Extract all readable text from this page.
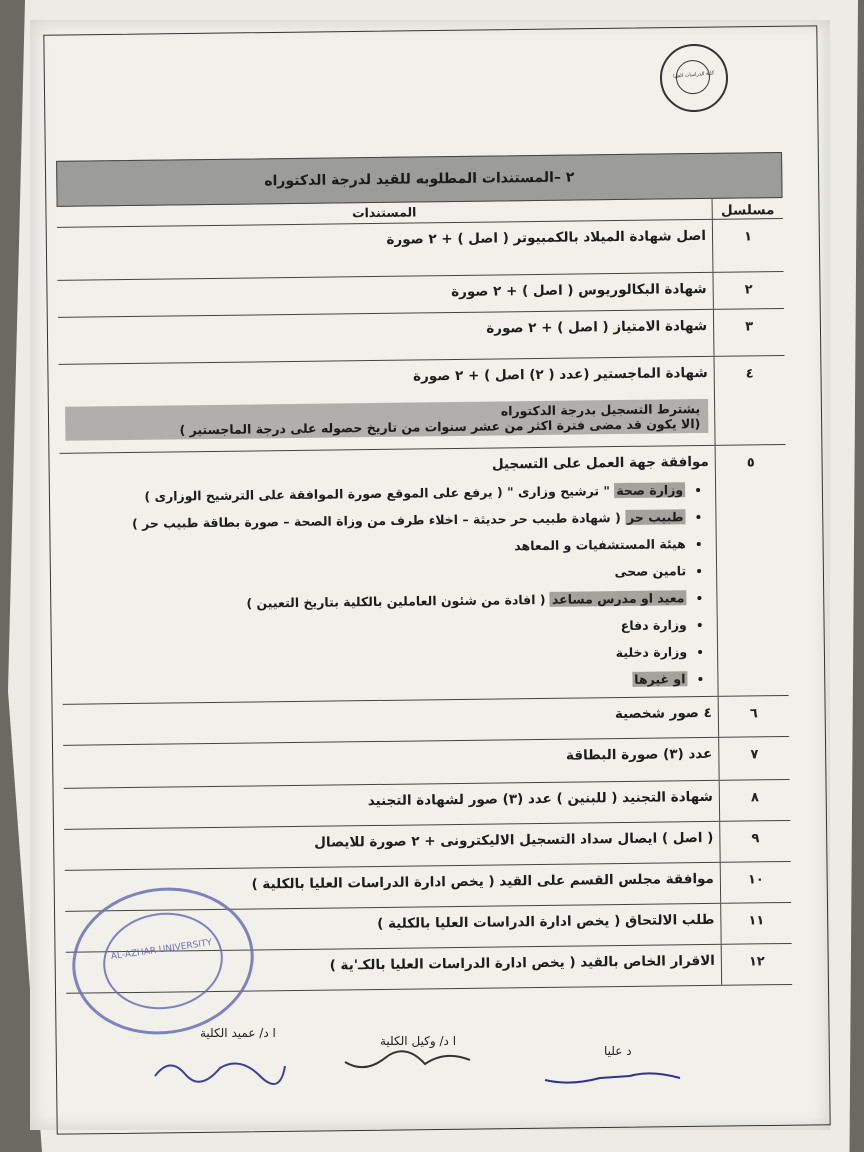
كلية الدراسات العليا
٢ –المستندات المطلوبه للقيد لدرجة الدكتوراه
مسلسل
المستندات
١
اصل شهادة الميلاد بالكمبيوتر ( اصل ) + ٢ صورة
٢
شهادة البكالوريوس ( اصل ) + ٢ صورة
٣
شهادة الامتياز ( اصل ) + ٢ صورة
٤
شهادة الماجستير (عدد ( ٢) اصل ) + ٢ صورة
يشترط التسجيل بدرجة الدكتوراه
(الا يكون قد مضى فترة اكثر من عشر سنوات من تاريخ حصوله على درجة الماجستير )
٥
موافقة جهة العمل على التسجيل
• وزارة صحة " ترشيح وزارى " ( يرفع على الموقع صورة الموافقة على الترشيح الوزارى )
• طبيب حر ( شهادة طبيب حر حديثة – اخلاء طرف من وزاة الصحة – صورة بطاقة طبيب حر )
• هيئة المستشفيات و المعاهد
• تامين صحى
• معيد او مدرس مساعد ( افادة من شئون العاملين بالكلية بتاريخ التعيين )
• وزارة دفاع
• وزارة دخلية
• او غيرها
٦
٤ صور شخصية
٧
عدد (٣) صورة البطاقة
٨
شهادة التجنيد ( للبنين ) عدد (٣) صور لشهادة التجنيد
٩
( اصل ) ايصال سداد التسجيل الاليكترونى + ٢ صورة للايصال
١٠
موافقة مجلس القسم على القيد ( يخص ادارة الدراسات العليا بالكلية )
١١
طلب الالتحاق ( يخص ادارة الدراسات العليا بالكلية )
١٢
الاقرار الخاص بالقيد ( يخص ادارة الدراسات العليا بالكـ'ية )
AL-AZHAR UNIVERSITY
ا د/ عميد الكلية
ا د/ وكيل الكلية
د عليا
